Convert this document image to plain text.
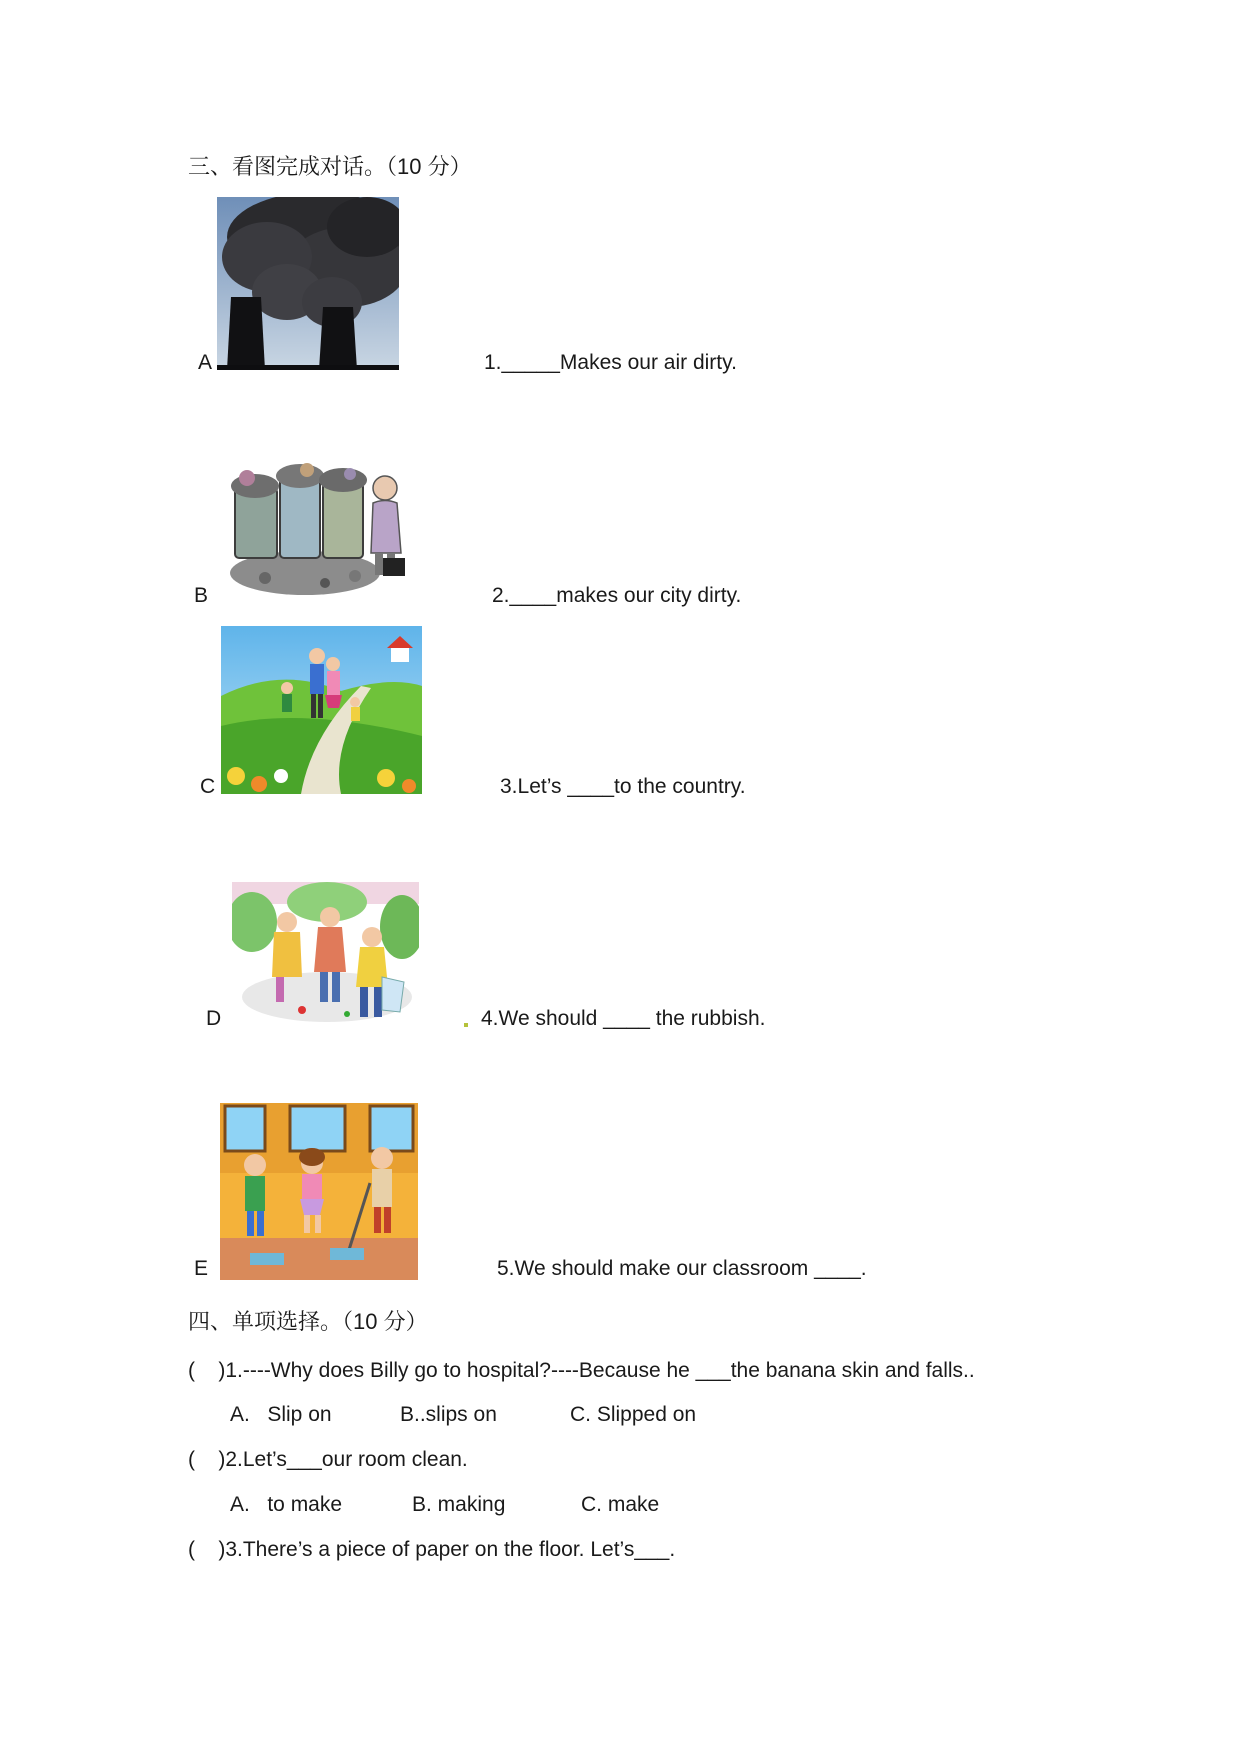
三、看图完成对话。（10 分）
A	1._____Makes our air dirty.
B	2.____makes our city dirty.
C	3.Let’s ____to the country.
D	4.We should ____ the rubbish.
E	5.We should make our classroom ____.
四、单项选择。（10 分）
(    )1.----Why does Billy go to hospital?----Because he ___the banana skin and falls..
A.   Slip on	B..slips on	C. Slipped on
(    )2.Let’s___our room clean.
A.   to make	B. making	C. make
(    )3.There’s a piece of paper on the floor. Let’s___.
